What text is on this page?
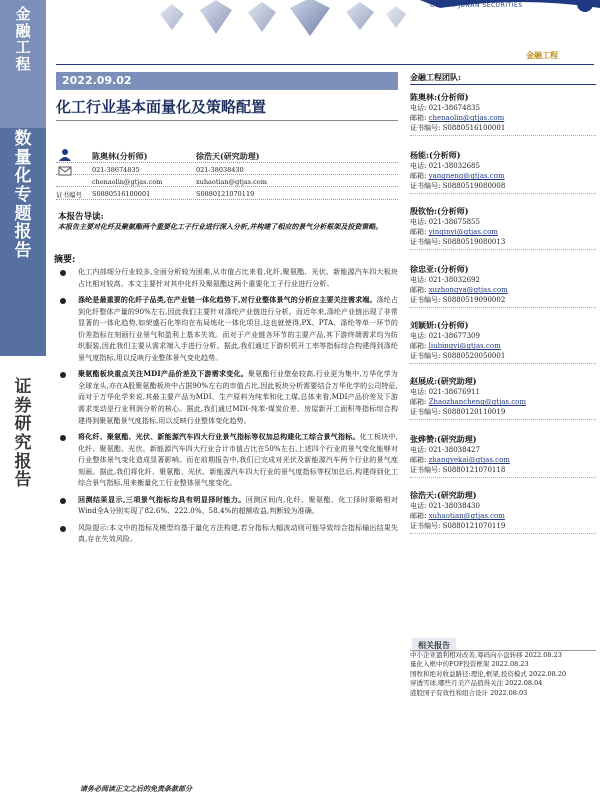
金融工程
数量化专题报告
证券研究报告
GUOTAI JUNAN SECURITIES
金融工程
2022.09.02
化工行业基本面量化及策略配置
陈奥林(分析师)
021-38674835
chenaolin@gtjas.com
证书编号 S0880516100001
徐浩天(研究助理)
021-38038430
xuhaotian@gtjas.com
S0880121070119
本报告导读:
本报告主要对化纤及聚氨酯两个重要化工子行业进行深入分析,并构建了相应的景气分析框架及投资策略。
摘要:
化工内部细分行业较多,全面分析较为困难,从市值占比来看,化纤,聚氨酯、光伏、新能源汽车四大板块占比相对较高。本文主要针对其中化纤及聚氨酯这两个重要化工子行业进行分析。
涤纶是最重要的化纤子品类,在产业链一体化趋势下,对行业整体景气的分析应主要关注需求端。涤纶占到化纤整体产量的90%左右,因此我们主要针对涤纶产业链进行分析。而近年来,涤纶产业链出现了非常显著的一体化趋势,如荣盛石化等均在布局炼化一体化项目,这也就使得,PX、PTA、涤纶等单一环节的价差指标在刻画行业景气和盈利上基本失效。而对于产业链各环节的主要产品,其下游终端需求均为纺织服装,因此我们主要从需求端入手进行分析。据此,我们通过下游织机开工率等指标综合构建得到涤纶景气度指标,用以反映行业整体景气变化趋势。
聚氨酯板块重点关注MDI产品价差及下游需求变化。聚氨酯行业壁垒较高,行业更为集中,万华化学为全球龙头,亦在A股聚氨酯板块中占据90%左右的市值占比,因此板块分析需要结合万华化学的公司特征,而对于万华化学来说,其最主要产品为MDI、生产原料为纯苯和化工煤,总体来看,MDI产品价差及下游需求变动是行业利润分析的核心。据此,我们通过MDI-纯苯-煤炭价差、房屋新开工面积等指标综合构建得到聚氨酯景气度指标,用以反映行业整体变化趋势。
将化纤、聚氨酯、光伏、新能源汽车四大行业景气指标等权加总构建化工综合景气指标。化工板块中,化纤、聚氨酯、光伏、新能源汽车四大行业合计市值占比在50%左右,上述四个行业的景气变化能够对行业整体景气变化造成显著影响。而在前期报告中,我们已完成对光伏及新能源汽车两个行业的景气度刻画。据此,我们将化纤、聚氨酯、光伏、新能源汽车四大行业的景气度指标等权加总后,构建得到化工综合景气指标,用来衡量化工行业整体景气度变化。
回测结果显示,三项景气指标均具有明显择时能力。回测区间内,化纤、聚氨酯、化工择时策略相对Wind全A分别实现了82.6%、222.0%、58.4%的超额收益,判断较为准确。
风险提示:本文中的指标及模型均基于量化方法构建,若分指标大幅波动则可能导致综合指标输出结果失真,存在失效风险。
金融工程团队:
陈奥林:(分析师)
电话: 021-38674835
邮箱: chenaolin@gtjas.com
证书编号: S0880516100001
杨能:(分析师)
电话: 021-38032685
邮箱: yangneng@gtjas.com
证书编号: S0880519080008
殷钦怡:(分析师)
电话: 021-38675855
邮箱: yinqinyi@gtjas.com
证书编号: S0880519080013
徐忠亚:(分析师)
电话: 021-38032692
邮箱: xuzhongya@gtjas.com
证书编号: S0880519090002
刘颖妍:(分析师)
电话: 021-38677309
邮箱: liubingyi@gtjas.com
证书编号: S0880520050001
赵展成:(研究助理)
电话: 021-38676911
邮箱: Zhaozhancheng@gtjas.com
证书编号: S0880120110019
张烨赞:(研究助理)
电话: 021-38038427
邮箱: zhangyekai@gtjas.com
证书编号: S0880121070118
徐浩天:(研究助理)
电话: 021-38038430
邮箱: xuhaotian@gtjas.com
证书编号: S0880121070119
相关报告
中小企业盈利相对改善,筹码向小盘转移 2022.08.23
量化入框中的FOF投资框架 2022.08.23
国牧和绝对收益路径:理论,框架,投资模式 2022.08.20
穿透雪球,哪些月美产品值得关注 2022.08.04
港股国子有效性和组合设计 2022.08.03
请务必阅读正文之后的免责条款部分
